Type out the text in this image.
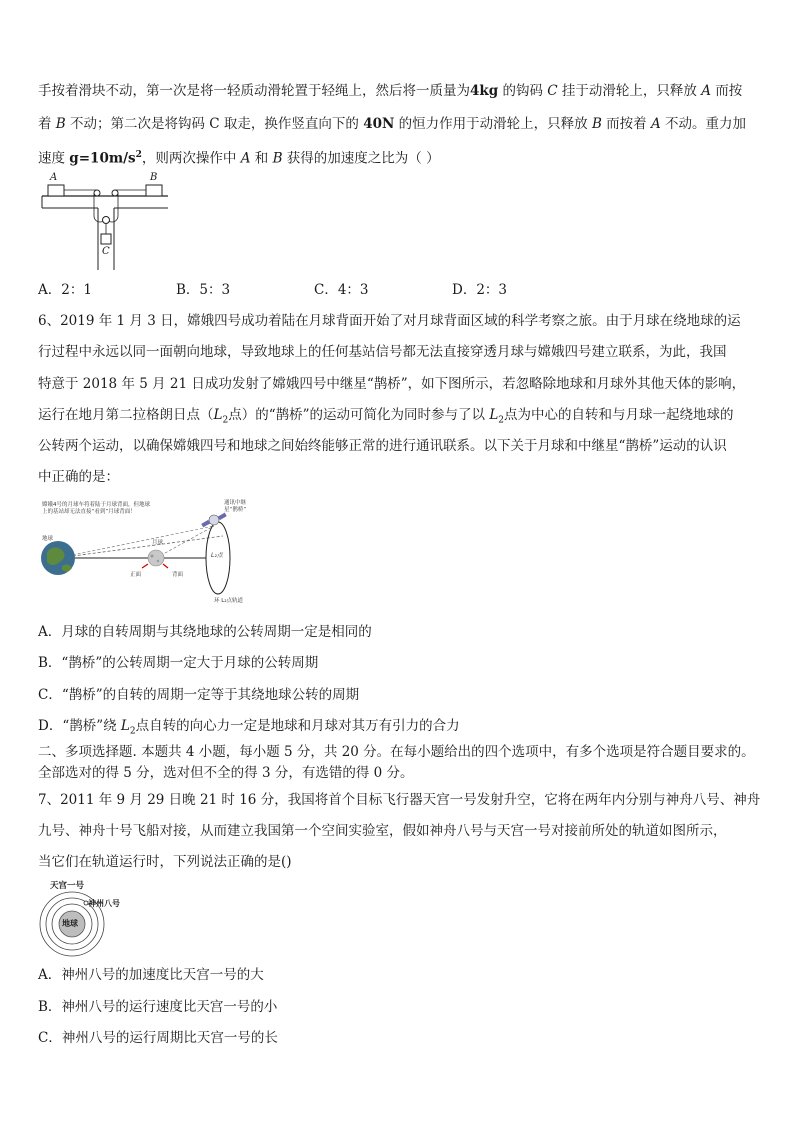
手按着滑块不动，第一次是将一轻质动滑轮置于轻绳上，然后将一质量为4kg 的钩码 C 挂于动滑轮上，只释放 A 而按
着 B 不动；第二次是将钩码 C 取走，换作竖直向下的 40N 的恒力作用于动滑轮上，只释放 B 而按着 A 不动。重力加
速度 $g=10m/s^2$，则两次操作中 A 和 B 获得的加速度之比为（ ）
A	B
C
A．2：1	B．5：3	C．4：3	D．2：3
6、2019 年 1 月 3 日，嫦娥四号成功着陆在月球背面开始了对月球背面区域的科学考察之旅。由于月球在绕地球的运
行过程中永远以同一面朝向地球，导致地球上的任何基站信号都无法直接穿透月球与嫦娥四号建立联系，为此，我国
特意于 2018 年 5 月 21 日成功发射了嫦娥四号中继星“鹊桥”，如下图所示，若忽略除地球和月球外其他天体的影响，
运行在地月第二拉格朗日点（$L_2$点）的“鹊桥”的运动可简化为同时参与了以 $L_2$点为中心的自转和与月球一起绕地球的
公转两个运动，以确保嫦娥四号和地球之间始终能够正常的进行通讯联系。以下关于月球和中继星“鹊桥”运动的认识
中正确的是：
嫦娥4号的月球车将着陆于月球背面，但地球
上的基站却无法直接“看到”月球背面！
通讯中继
星“鹊桥”
地球
月球
正面	背面
L₂点
环 L₂点轨道
A．月球的自转周期与其绕地球的公转周期一定是相同的
B．“鹊桥”的公转周期一定大于月球的公转周期
C．“鹊桥”的自转的周期一定等于其绕地球公转的周期
D．“鹊桥”绕 $L_2$点自转的向心力一定是地球和月球对其万有引力的合力
二、多项选择题. 本题共 4 小题，每小题 5 分，共 20 分。在每小题给出的四个选项中，有多个选项是符合题目要求的。
全部选对的得 5 分，选对但不全的得 3 分，有选错的得 0 分。
7、2011 年 9 月 29 日晚 21 时 16 分，我国将首个目标飞行器天宫一号发射升空，它将在两年内分别与神舟八号、神舟
九号、神舟十号飞船对接，从而建立我国第一个空间实验室，假如神舟八号与天宫一号对接前所处的轨道如图所示，
当它们在轨道运行时，下列说法正确的是()
天宫一号
神州八号
地球
A．神州八号的加速度比天宫一号的大
B．神州八号的运行速度比天宫一号的小
C．神州八号的运行周期比天宫一号的长
